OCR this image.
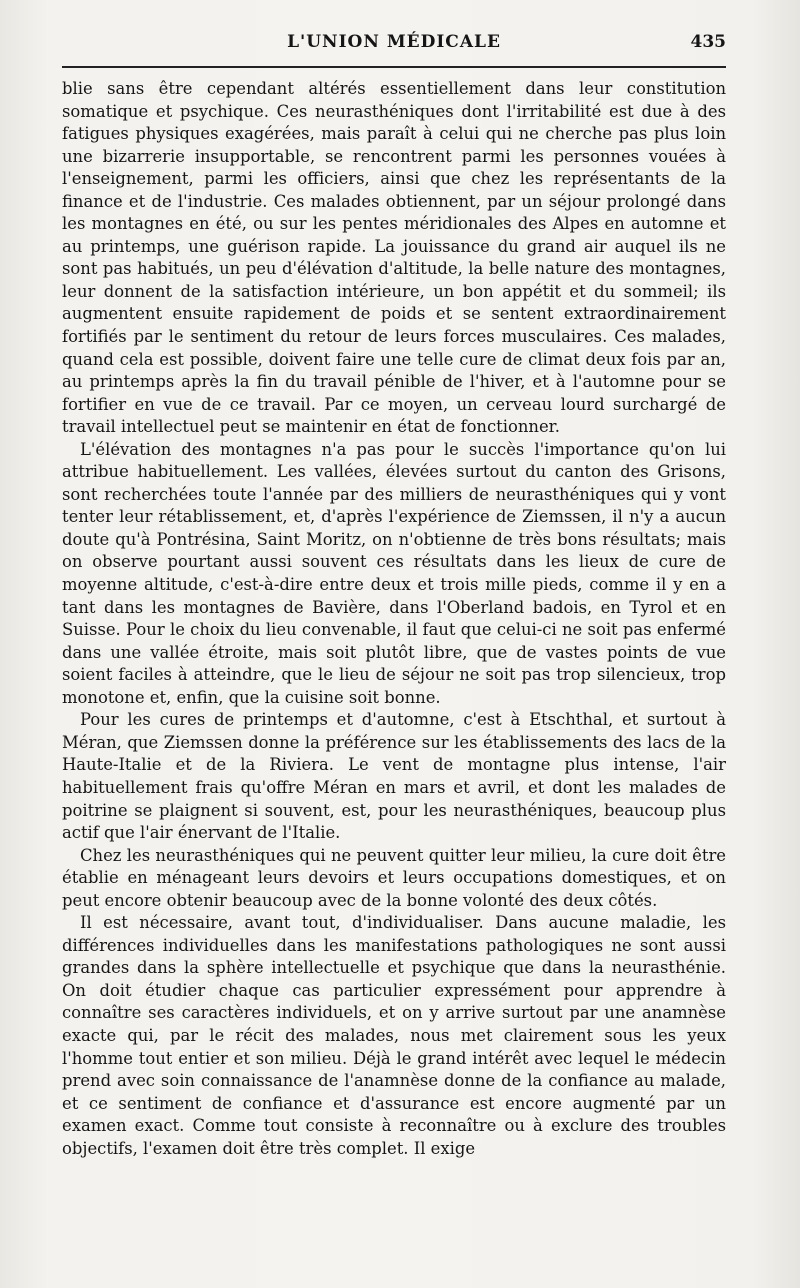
L'UNION MÉDICALE	435

blie sans être cependant altérés essentiellement dans leur constitution somatique et psychique. Ces neurasthéniques dont l'irritabilité est due à des fatigues physiques exagérées, mais paraît à celui qui ne cherche pas plus loin une bizarrerie insupportable, se rencontrent parmi les personnes vouées à l'enseignement, parmi les officiers, ainsi que chez les représentants de la finance et de l'industrie. Ces malades obtiennent, par un séjour prolongé dans les montagnes en été, ou sur les pentes méridionales des Alpes en automne et au printemps, une guérison rapide. La jouissance du grand air auquel ils ne sont pas habitués, un peu d'élévation d'altitude, la belle nature des montagnes, leur donnent de la satisfaction intérieure, un bon appétit et du sommeil; ils augmentent ensuite rapidement de poids et se sentent extraordinairement fortifiés par le sentiment du retour de leurs forces musculaires. Ces malades, quand cela est possible, doivent faire une telle cure de climat deux fois par an, au printemps après la fin du travail pénible de l'hiver, et à l'automne pour se fortifier en vue de ce travail. Par ce moyen, un cerveau lourd surchargé de travail intellectuel peut se maintenir en état de fonctionner.

L'élévation des montagnes n'a pas pour le succès l'importance qu'on lui attribue habituellement. Les vallées, élevées surtout du canton des Grisons, sont recherchées toute l'année par des milliers de neurasthéniques qui y vont tenter leur rétablissement, et, d'après l'expérience de Ziemssen, il n'y a aucun doute qu'à Pontrésina, Saint Moritz, on n'obtienne de très bons résultats; mais on observe pourtant aussi souvent ces résultats dans les lieux de cure de moyenne altitude, c'est-à-dire entre deux et trois mille pieds, comme il y en a tant dans les montagnes de Bavière, dans l'Oberland badois, en Tyrol et en Suisse. Pour le choix du lieu convenable, il faut que celui-ci ne soit pas enfermé dans une vallée étroite, mais soit plutôt libre, que de vastes points de vue soient faciles à atteindre, que le lieu de séjour ne soit pas trop silencieux, trop monotone et, enfin, que la cuisine soit bonne.

Pour les cures de printemps et d'automne, c'est à Etschthal, et surtout à Méran, que Ziemssen donne la préférence sur les établissements des lacs de la Haute-Italie et de la Riviera. Le vent de montagne plus intense, l'air habituellement frais qu'offre Méran en mars et avril, et dont les malades de poitrine se plaignent si souvent, est, pour les neurasthéniques, beaucoup plus actif que l'air énervant de l'Italie.

Chez les neurasthéniques qui ne peuvent quitter leur milieu, la cure doit être établie en ménageant leurs devoirs et leurs occupations domestiques, et on peut encore obtenir beaucoup avec de la bonne volonté des deux côtés.

Il est nécessaire, avant tout, d'individualiser. Dans aucune maladie, les différences individuelles dans les manifestations pathologiques ne sont aussi grandes dans la sphère intellectuelle et psychique que dans la neurasthénie. On doit étudier chaque cas particulier expressément pour apprendre à connaître ses caractères individuels, et on y arrive surtout par une anamnèse exacte qui, par le récit des malades, nous met clairement sous les yeux l'homme tout entier et son milieu. Déjà le grand intérêt avec lequel le médecin prend avec soin connaissance de l'anamnèse donne de la confiance au malade, et ce sentiment de confiance et d'assurance est encore augmenté par un examen exact. Comme tout consiste à reconnaître ou à exclure des troubles objectifs, l'examen doit être très complet. Il exige
